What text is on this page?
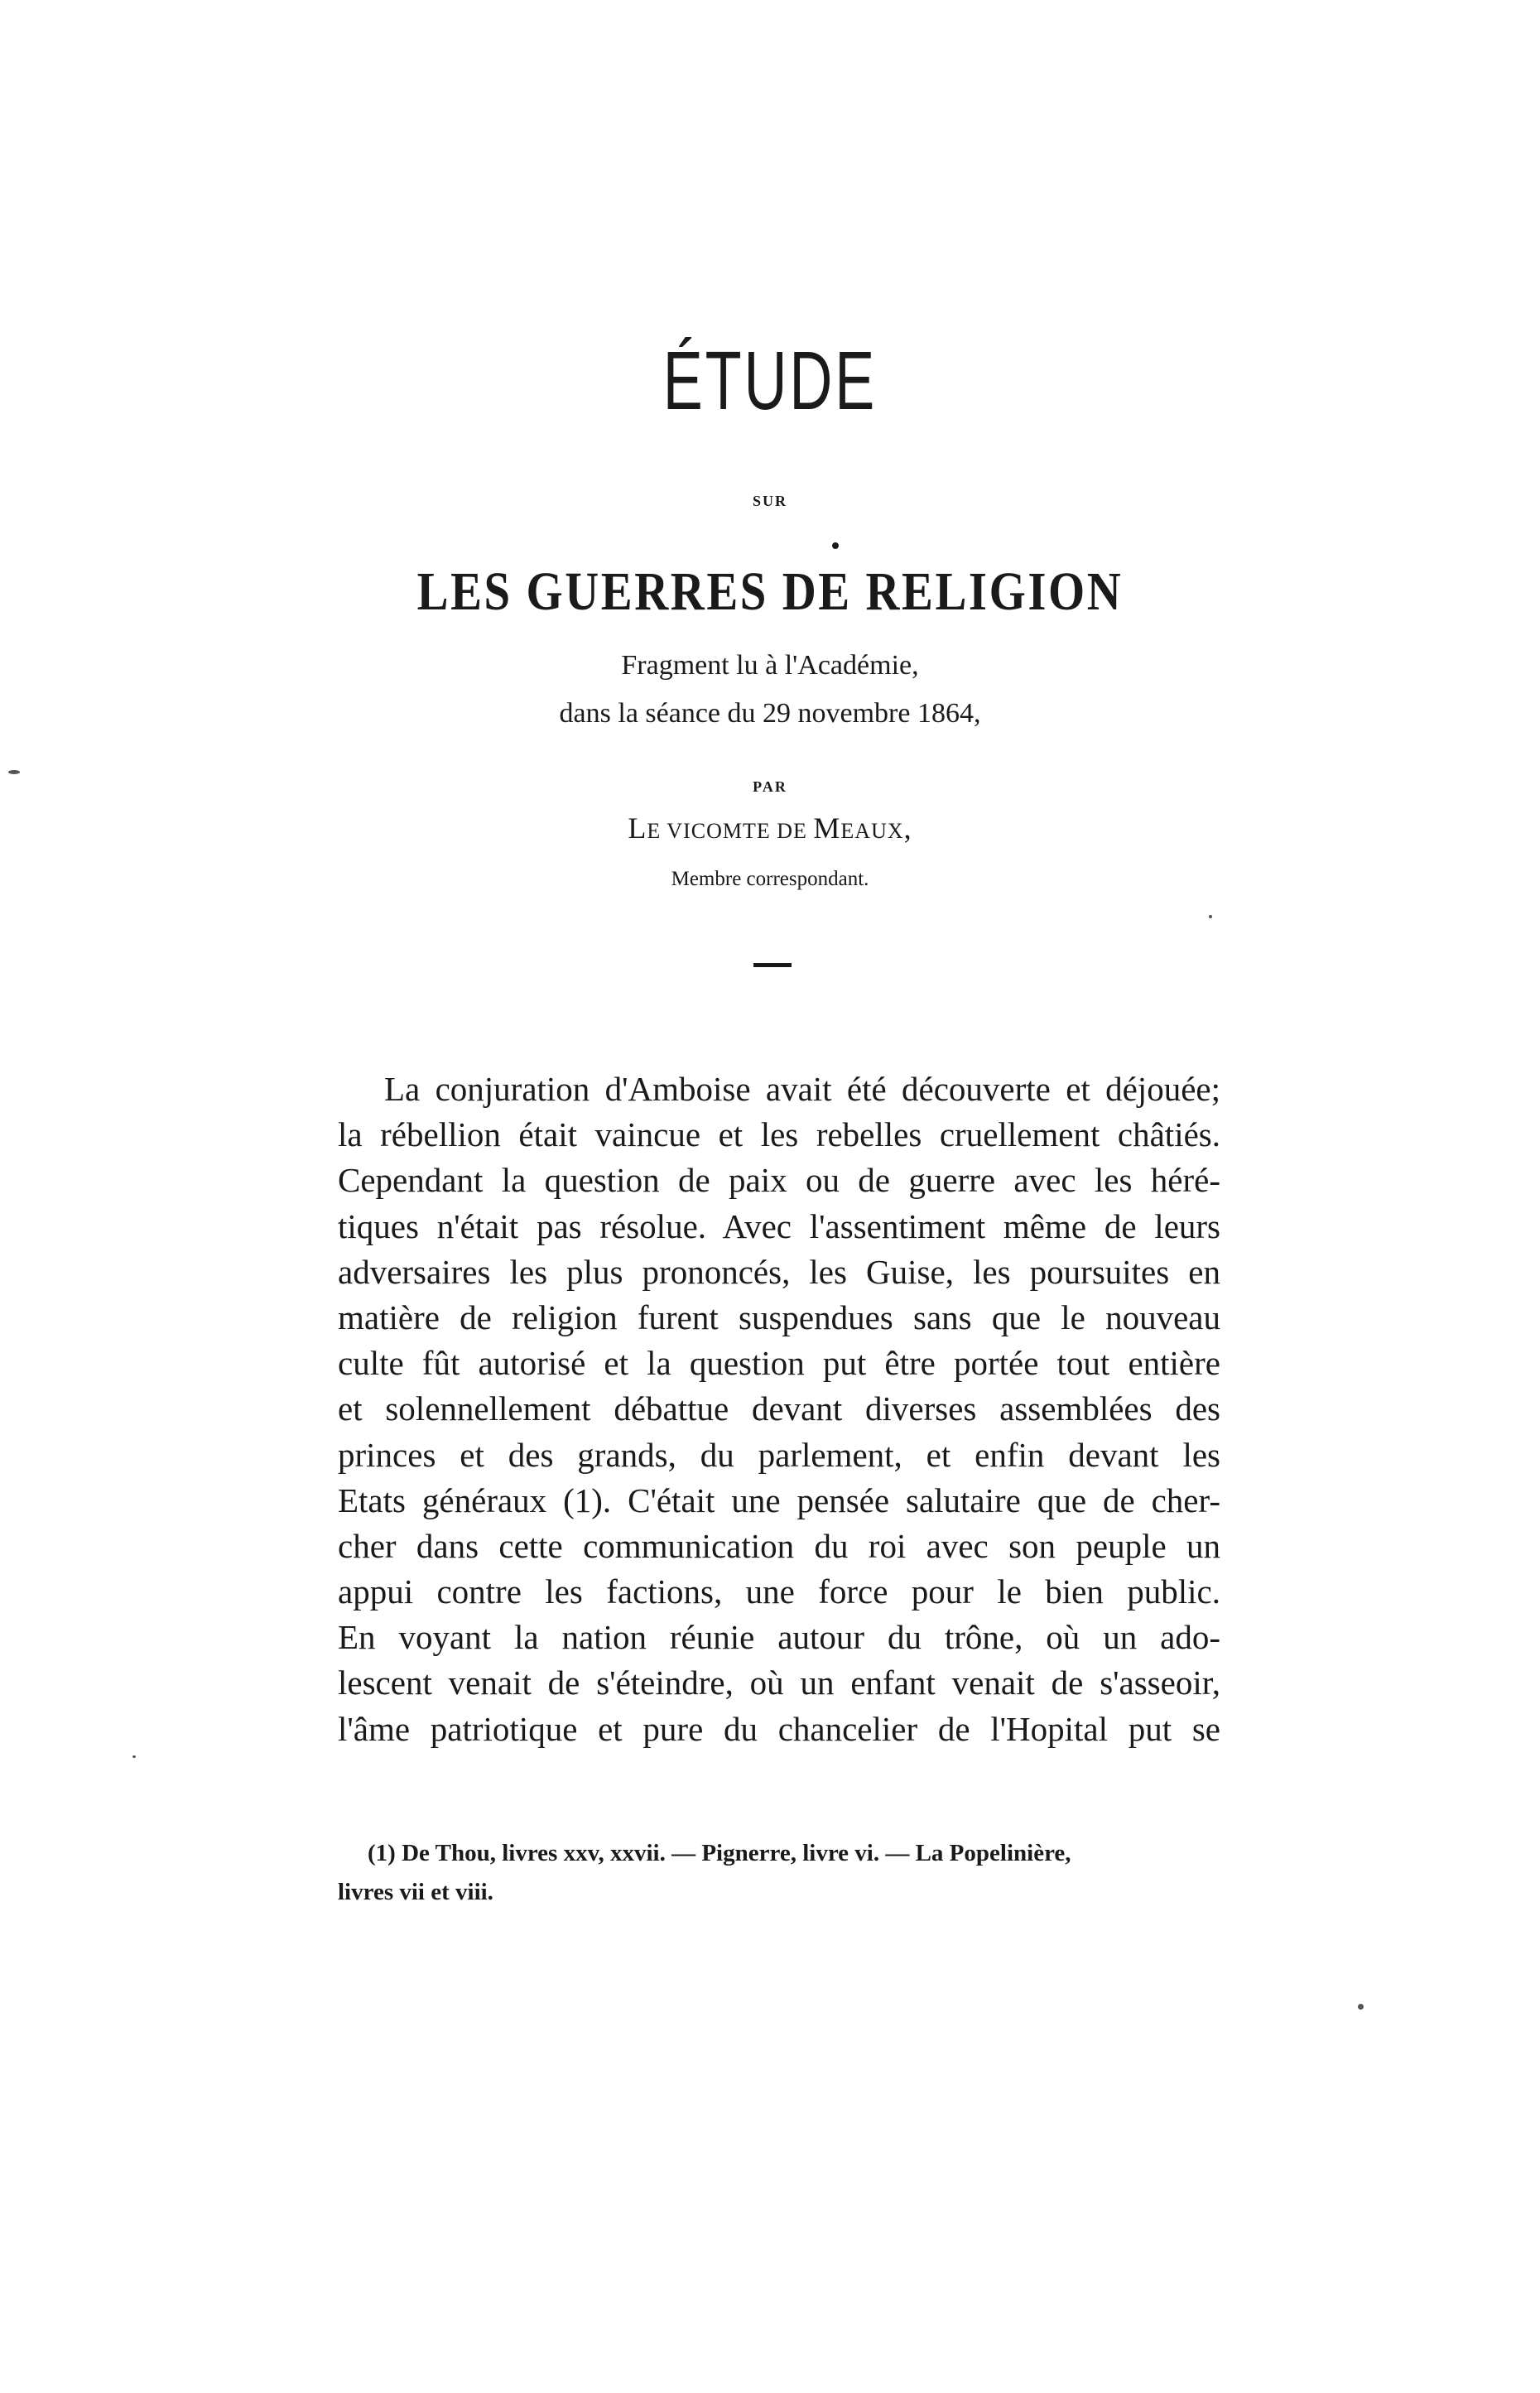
ÉTUDE
SUR
LES GUERRES DE RELIGION
Fragment lu à l'Académie,
dans la séance du 29 novembre 1864,
PAR
LE VICOMTE DE MEAUX,
Membre correspondant.
La conjuration d'Amboise avait été découverte et déjouée;
la rébellion était vaincue et les rebelles cruellement châtiés.
Cependant la question de paix ou de guerre avec les héré-
tiques n'était pas résolue. Avec l'assentiment même de leurs
adversaires les plus prononcés, les Guise, les poursuites en
matière de religion furent suspendues sans que le nouveau
culte fût autorisé et la question put être portée tout entière
et solennellement débattue devant diverses assemblées des
princes et des grands, du parlement, et enfin devant les
Etats généraux (1). C'était une pensée salutaire que de cher-
cher dans cette communication du roi avec son peuple un
appui contre les factions, une force pour le bien public.
En voyant la nation réunie autour du trône, où un ado-
lescent venait de s'éteindre, où un enfant venait de s'asseoir,
l'âme patriotique et pure du chancelier de l'Hopital put se
(1) De Thou, livres xxv, xxvii. — Pignerre, livre vi. — La Popelinière,
livres vii et viii.
